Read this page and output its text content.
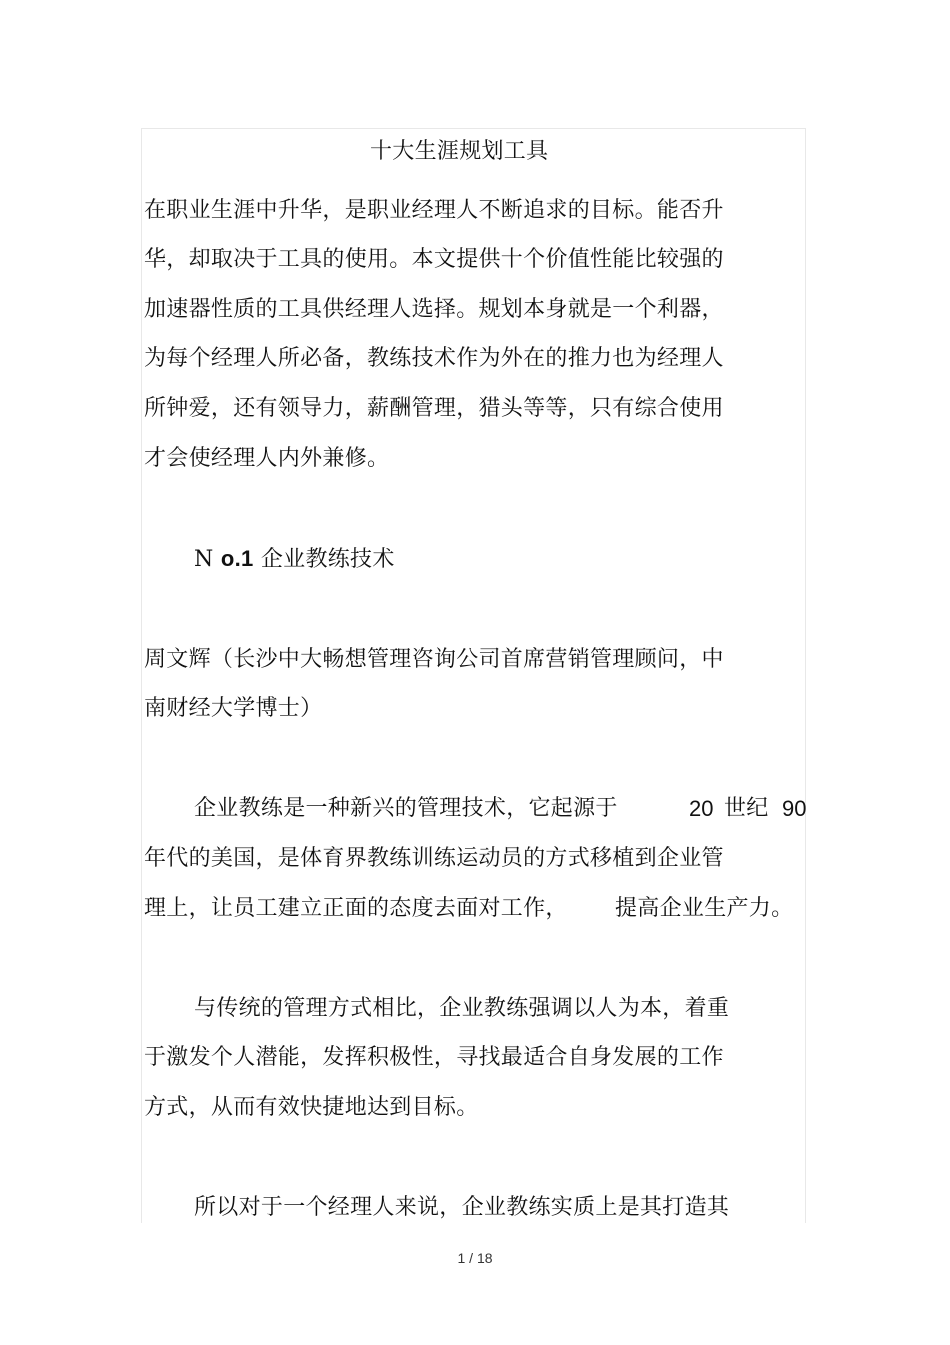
十大生涯规划工具
在职业生涯中升华，是职业经理人不断追求的目标。能否升
华，却取决于工具的使用。本文提供十个价值性能比较强的
加速器性质的工具供经理人选择。规划本身就是一个利器，
为每个经理人所必备，教练技术作为外在的推力也为经理人
所钟爱，还有领导力，薪酬管理，猎头等等，只有综合使用
才会使经理人内外兼修。
N o.1 企业教练技术
周文辉（长沙中大畅想管理咨询公司首席营销管理顾问，中
南财经大学博士）
企业教练是一种新兴的管理技术，它起源于	20 世纪 90
年代的美国，是体育界教练训练运动员的方式移植到企业管
理上，让员工建立正面的态度去面对工作， 提高企业生产力。
与传统的管理方式相比，企业教练强调以人为本，着重
于激发个人潜能，发挥积极性，寻找最适合自身发展的工作
方式，从而有效快捷地达到目标。
所以对于一个经理人来说，企业教练实质上是其打造其
1 / 18
